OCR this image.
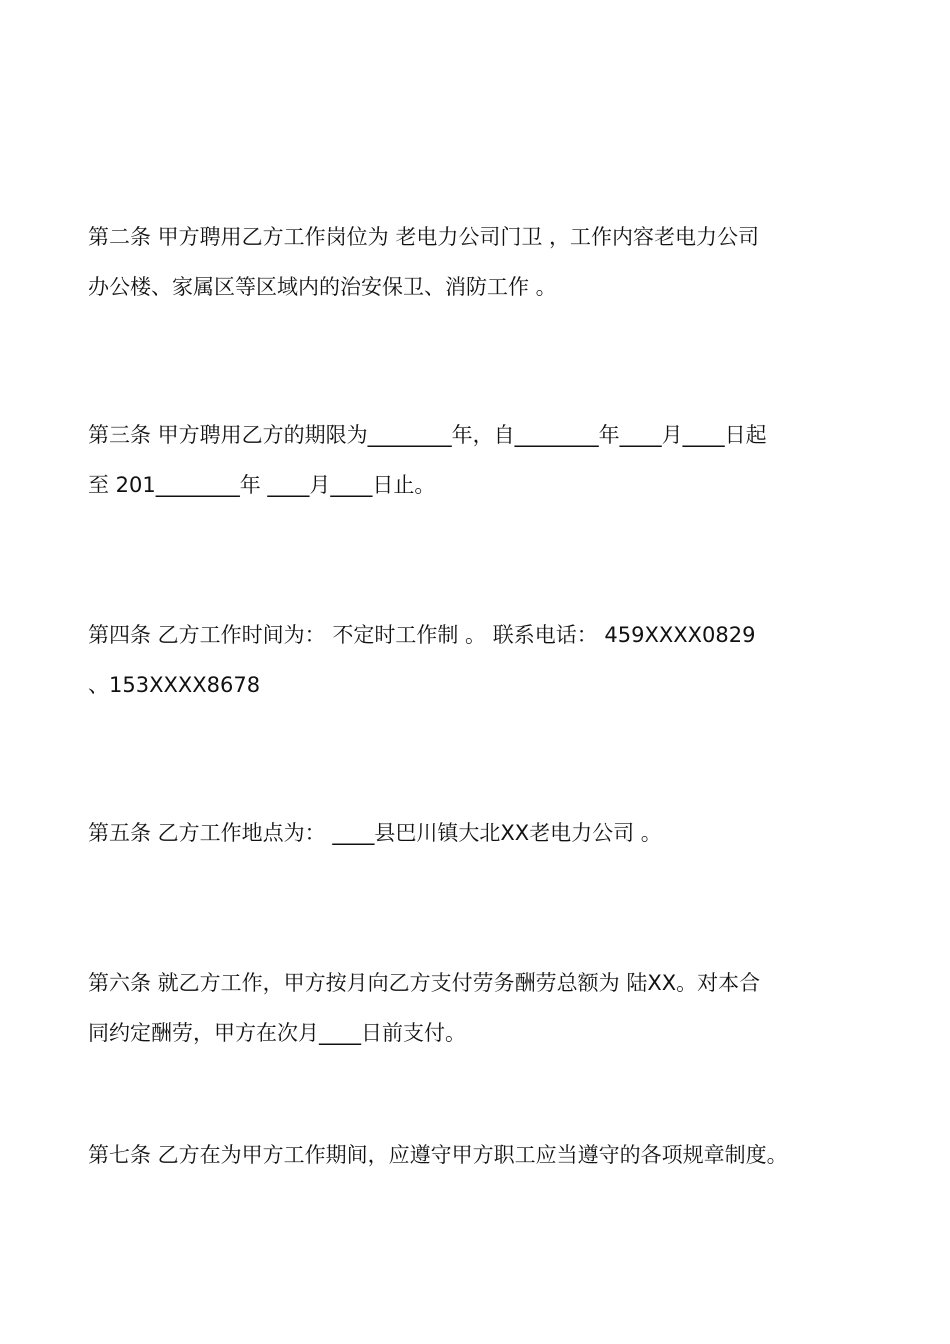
第二条 甲方聘用乙方工作岗位为 老电力公司门卫 ，工作内容老电力公司
办公楼、家属区等区域内的治安保卫、消防工作 。

第三条 甲方聘用乙方的期限为________年，自________年____月____日起
至 201________年 ____月____日止。

第四条 乙方工作时间为： 不定时工作制 。 联系电话： 459XXXX0829
、153XXXX8678

第五条 乙方工作地点为： ____县巴川镇大北XX老电力公司 。

第六条 就乙方工作，甲方按月向乙方支付劳务酬劳总额为 陆XX。对本合
同约定酬劳，甲方在次月____日前支付。

第七条 乙方在为甲方工作期间，应遵守甲方职工应当遵守的各项规章制度。
